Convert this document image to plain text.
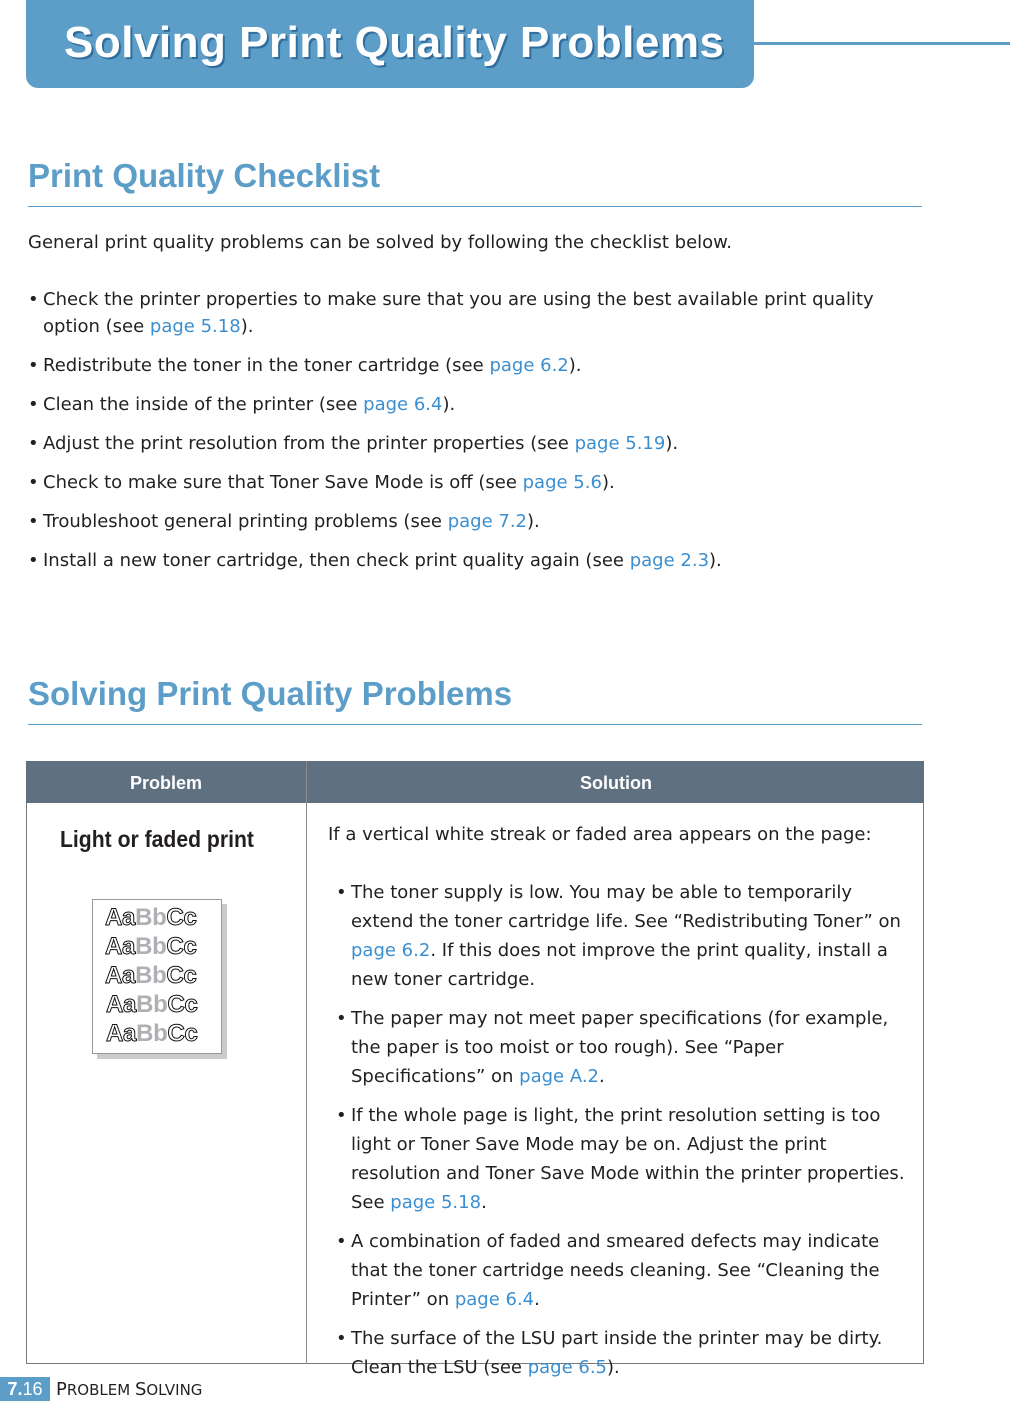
Solving Print Quality Problems
Print Quality Checklist
General print quality problems can be solved by following the checklist below.
• Check the printer properties to make sure that you are using the best available print quality option (see page 5.18).
• Redistribute the toner in the toner cartridge (see page 6.2).
• Clean the inside of the printer (see page 6.4).
• Adjust the print resolution from the printer properties (see page 5.19).
• Check to make sure that Toner Save Mode is off (see page 5.6).
• Troubleshoot general printing problems (see page 7.2).
• Install a new toner cartridge, then check print quality again (see page 2.3).
Solving Print Quality Problems
Problem	Solution
Light or faded print
AaBbCc
AaBbCc
AaBbCc
AaBbCc
AaBbCc
If a vertical white streak or faded area appears on the page:
• The toner supply is low. You may be able to temporarily extend the toner cartridge life. See “Redistributing Toner” on page 6.2. If this does not improve the print quality, install a new toner cartridge.
• The paper may not meet paper specifications (for example, the paper is too moist or too rough). See “Paper Specifications” on page A.2.
• If the whole page is light, the print resolution setting is too light or Toner Save Mode may be on. Adjust the print resolution and Toner Save Mode within the printer properties. See page 5.18.
• A combination of faded and smeared defects may indicate that the toner cartridge needs cleaning. See “Cleaning the Printer” on page 6.4.
• The surface of the LSU part inside the printer may be dirty. Clean the LSU (see page 6.5).
7.16 PROBLEM SOLVING
